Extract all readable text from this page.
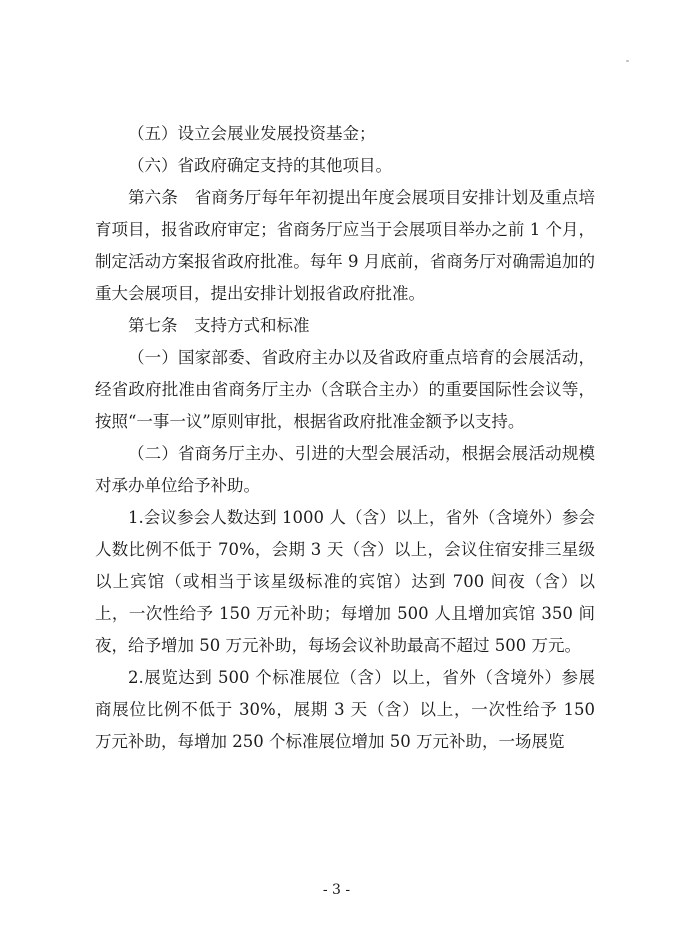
（五）设立会展业发展投资基金；

（六）省政府确定支持的其他项目。

第六条　省商务厅每年年初提出年度会展项目安排计划及重点培育项目，报省政府审定；省商务厅应当于会展项目举办之前 1 个月，制定活动方案报省政府批准。每年 9 月底前，省商务厅对确需追加的重大会展项目，提出安排计划报省政府批准。

第七条　支持方式和标准

（一）国家部委、省政府主办以及省政府重点培育的会展活动，经省政府批准由省商务厅主办（含联合主办）的重要国际性会议等，按照“一事一议”原则审批，根据省政府批准金额予以支持。

（二）省商务厅主办、引进的大型会展活动，根据会展活动规模对承办单位给予补助。

1.会议参会人数达到 1000 人（含）以上，省外（含境外）参会人数比例不低于 70%，会期 3 天（含）以上，会议住宿安排三星级以上宾馆（或相当于该星级标准的宾馆）达到 700 间夜（含）以上，一次性给予 150 万元补助；每增加 500 人且增加宾馆 350 间夜，给予增加 50 万元补助，每场会议补助最高不超过 500 万元。

2.展览达到 500 个标准展位（含）以上，省外（含境外）参展商展位比例不低于 30%，展期 3 天（含）以上，一次性给予 150 万元补助，每增加 250 个标准展位增加 50 万元补助，一场展览

- 3 -
